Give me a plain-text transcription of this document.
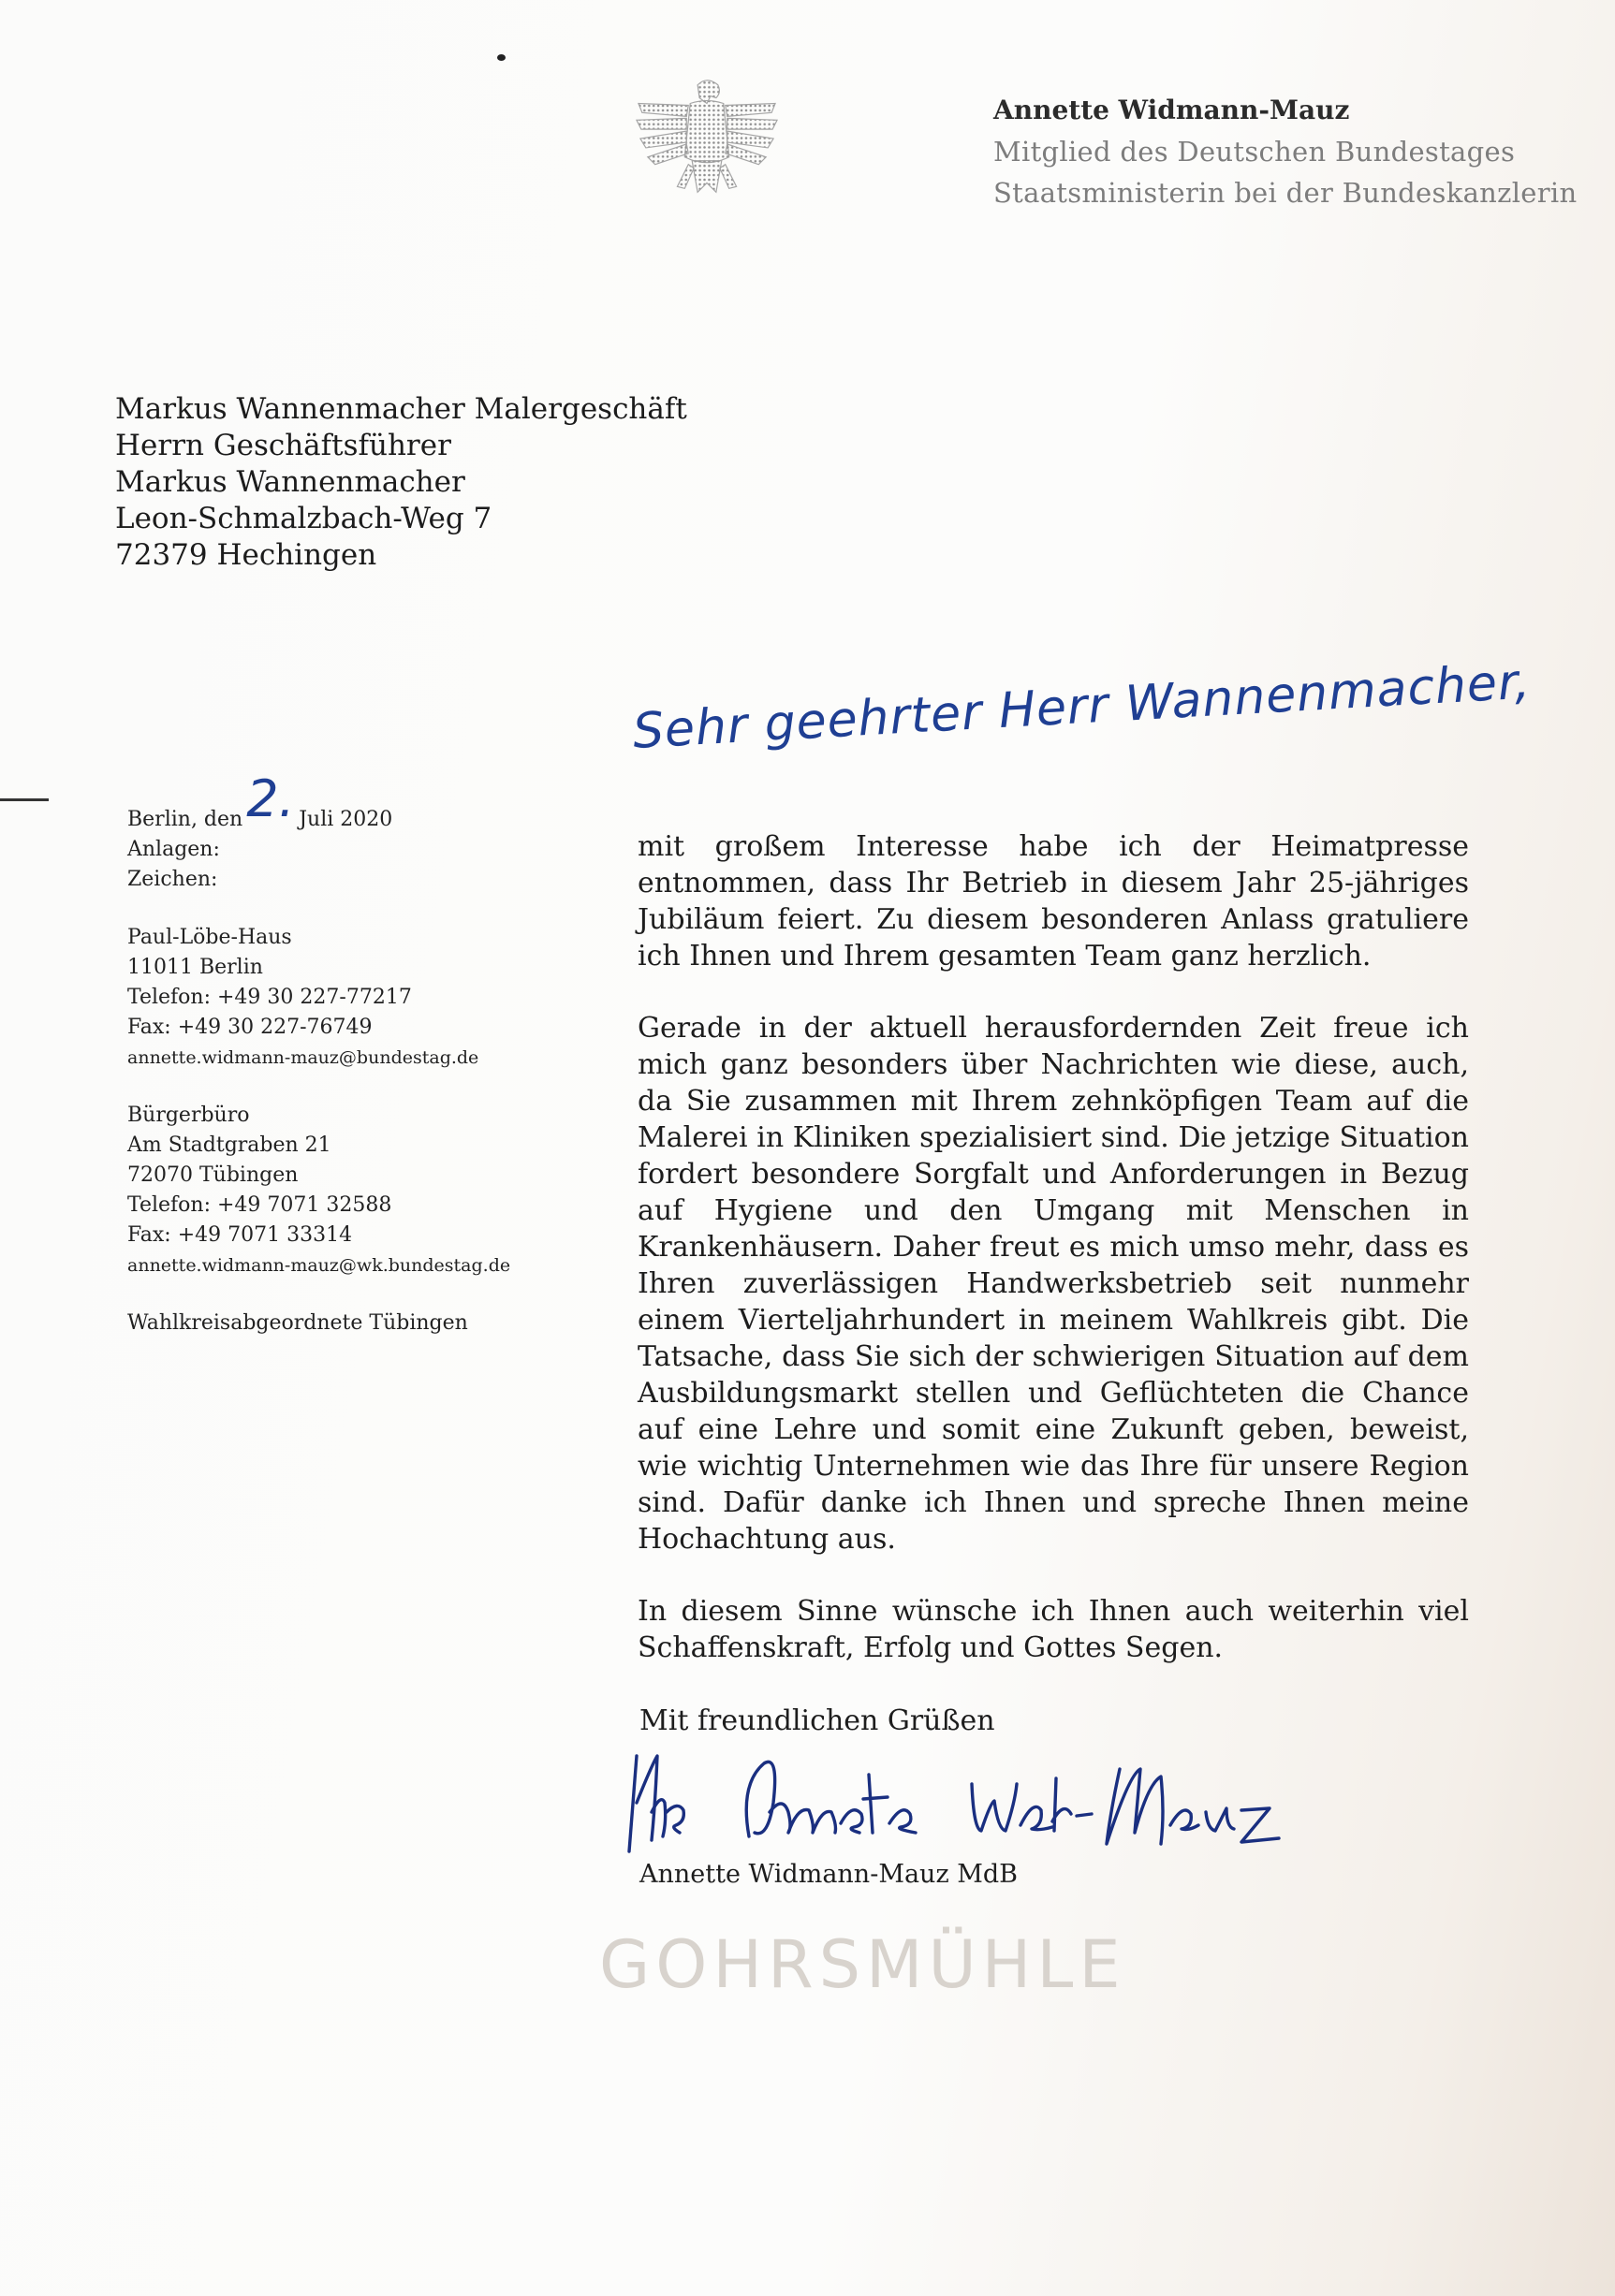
Annette Widmann-Mauz
Mitglied des Deutschen Bundestages
Staatsministerin bei der Bundeskanzlerin
Markus Wannenmacher Malergeschäft
Herrn Geschäftsführer
Markus Wannenmacher
Leon-Schmalzbach-Weg 7
72379 Hechingen
Sehr geehrter Herr Wannenmacher,
Berlin, den2. Juli 2020
Anlagen:
Zeichen:
Paul-Löbe-Haus
11011 Berlin
Telefon: +49 30 227-77217
Fax: +49 30 227-76749
annette.widmann-mauz@bundestag.de
Bürgerbüro
Am Stadtgraben 21
72070 Tübingen
Telefon: +49 7071 32588
Fax: +49 7071 33314
annette.widmann-mauz@wk.bundestag.de
Wahlkreisabgeordnete Tübingen

mit großem Interesse habe ich der Heimatpresse entnommen, dass Ihr Betrieb in diesem Jahr 25-jähriges Jubiläum feiert. Zu diesem besonderen Anlass gratuliere ich Ihnen und Ihrem gesamten Team ganz herzlich.

Gerade in der aktuell herausfordernden Zeit freue ich mich ganz besonders über Nachrichten wie diese, auch, da Sie zusammen mit Ihrem zehnköpfigen Team auf die Malerei in Kliniken spezialisiert sind. Die jetzige Situation fordert besondere Sorgfalt und Anforderungen in Bezug auf Hygiene und den Umgang mit Menschen in Krankenhäusern. Daher freut es mich umso mehr, dass es Ihren zuverlässigen Handwerksbetrieb seit nunmehr einem Vierteljahrhundert in meinem Wahlkreis gibt. Die Tatsache, dass Sie sich der schwierigen Situation auf dem Ausbildungsmarkt stellen und Geflüchteten die Chance auf eine Lehre und somit eine Zukunft geben, beweist, wie wichtig Unternehmen wie das Ihre für unsere Region sind. Dafür danke ich Ihnen und spreche Ihnen meine Hochachtung aus.

In diesem Sinne wünsche ich Ihnen auch weiterhin viel Schaffenskraft, Erfolg und Gottes Segen.

Mit freundlichen Grüßen
Annette Widmann-Mauz MdB
GOHRSMÜHLE
